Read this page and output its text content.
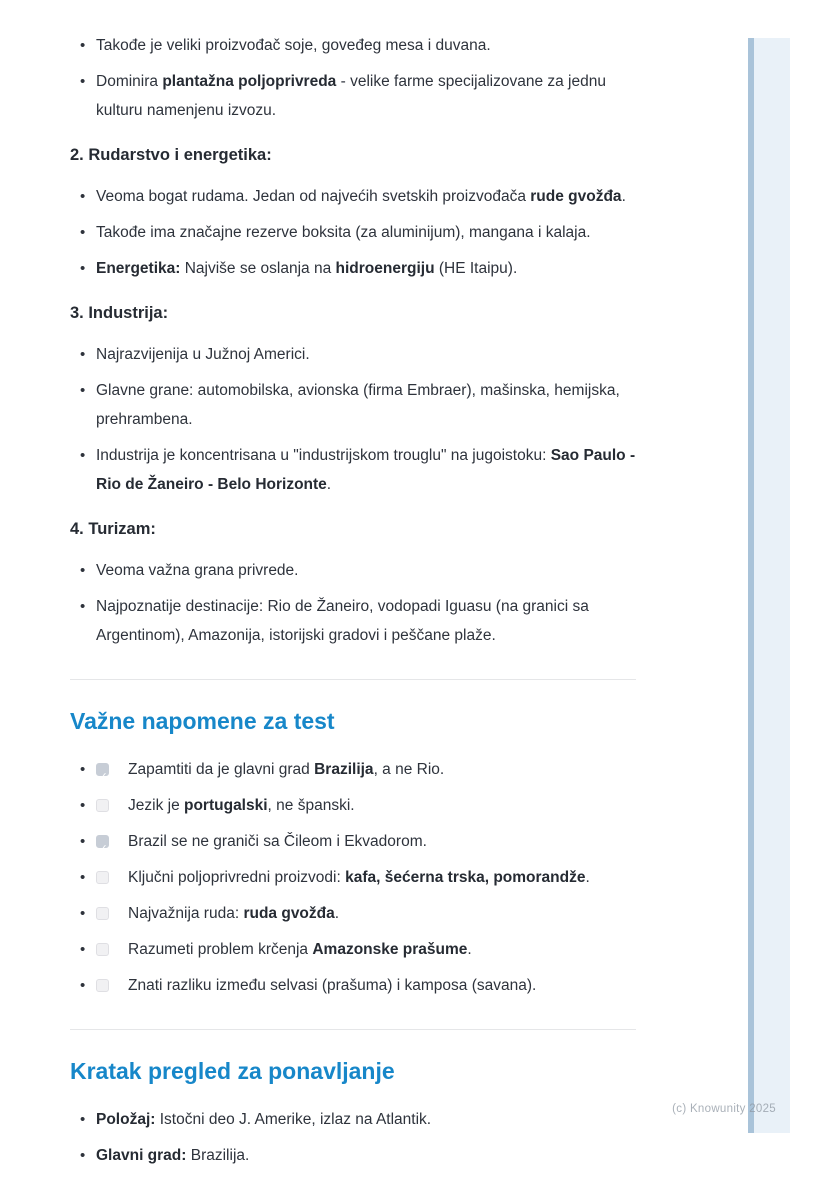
• Takođe je veliki proizvođač soje, goveđeg mesa i duvana.
• Dominira plantažna poljoprivreda - velike farme specijalizovane za jednu kulturu namenjenu izvozu.
2. Rudarstvo i energetika:
• Veoma bogat rudama. Jedan od najvećih svetskih proizvođača rude gvožđa.
• Takođe ima značajne rezerve boksita (za aluminijum), mangana i kalaja.
• Energetika: Najviše se oslanja na hidroenergiju (HE Itaipu).
3. Industrija:
• Najrazvijenija u Južnoj Americi.
• Glavne grane: automobilska, avionska (firma Embraer), mašinska, hemijska, prehrambena.
• Industrija je koncentrisana u "industrijskom trouglu" na jugoistoku: Sao Paulo - Rio de Žaneiro - Belo Horizonte.
4. Turizam:
• Veoma važna grana privrede.
• Najpoznatije destinacije: Rio de Žaneiro, vodopadi Iguasu (na granici sa Argentinom), Amazonija, istorijski gradovi i peščane plaže.
Važne napomene za test
• ✓	Zapamtiti da je glavni grad Brazilija, a ne Rio.
•	Jezik je portugalski, ne španski.
• ✓	Brazil se ne graniči sa Čileom i Ekvadorom.
•	Ključni poljoprivredni proizvodi: kafa, šećerna trska, pomorandže.
•	Najvažnija ruda: ruda gvožđa.
•	Razumeti problem krčenja Amazonske prašume.
•	Znati razliku između selvasi (prašuma) i kamposa (savana).
Kratak pregled za ponavljanje
• Položaj: Istočni deo J. Amerike, izlaz na Atlantik.
• Glavni grad: Brazilija.
(c) Knowunity 2025
